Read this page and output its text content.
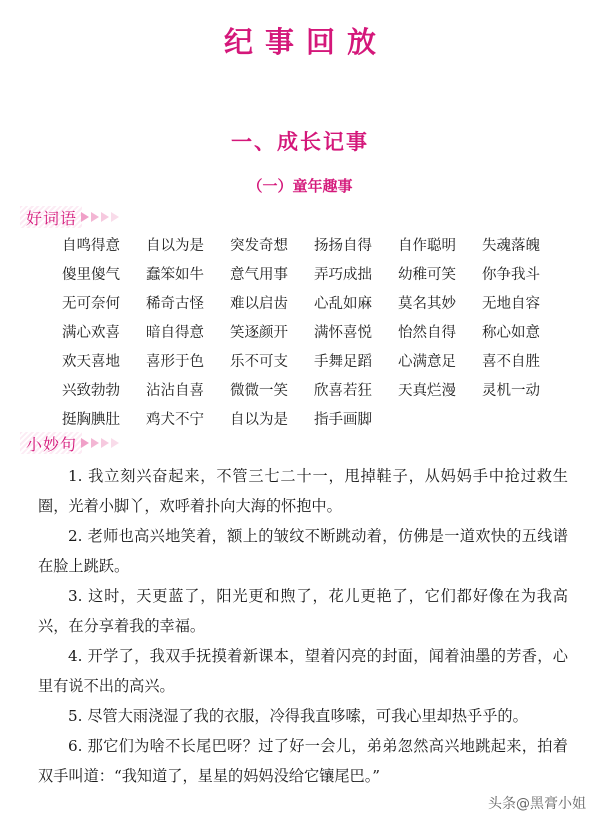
纪事回放
一、成长记事
（一）童年趣事
好词语
自鸣得意	自以为是	突发奇想	扬扬自得	自作聪明	失魂落魄
傻里傻气	蠢笨如牛	意气用事	弄巧成拙	幼稚可笑	你争我斗
无可奈何	稀奇古怪	难以启齿	心乱如麻	莫名其妙	无地自容
满心欢喜	暗自得意	笑逐颜开	满怀喜悦	怡然自得	称心如意
欢天喜地	喜形于色	乐不可支	手舞足蹈	心满意足	喜不自胜
兴致勃勃	沾沾自喜	微微一笑	欣喜若狂	天真烂漫	灵机一动
挺胸腆肚	鸡犬不宁	自以为是	指手画脚
小妙句

1. 我立刻兴奋起来，不管三七二十一，甩掉鞋子，从妈妈手中抢过救生圈，光着小脚丫，欢呼着扑向大海的怀抱中。

2. 老师也高兴地笑着，额上的皱纹不断跳动着，仿佛是一道欢快的五线谱在脸上跳跃。

3. 这时，天更蓝了，阳光更和煦了，花儿更艳了，它们都好像在为我高兴，在分享着我的幸福。

4. 开学了，我双手抚摸着新课本，望着闪亮的封面，闻着油墨的芳香，心里有说不出的高兴。

5. 尽管大雨浇湿了我的衣服，冷得我直哆嗦，可我心里却热乎乎的。

6. 那它们为啥不长尾巴呀？过了好一会儿，弟弟忽然高兴地跳起来，拍着双手叫道：“我知道了，星星的妈妈没给它镶尾巴。”

头条@黑膏小姐
